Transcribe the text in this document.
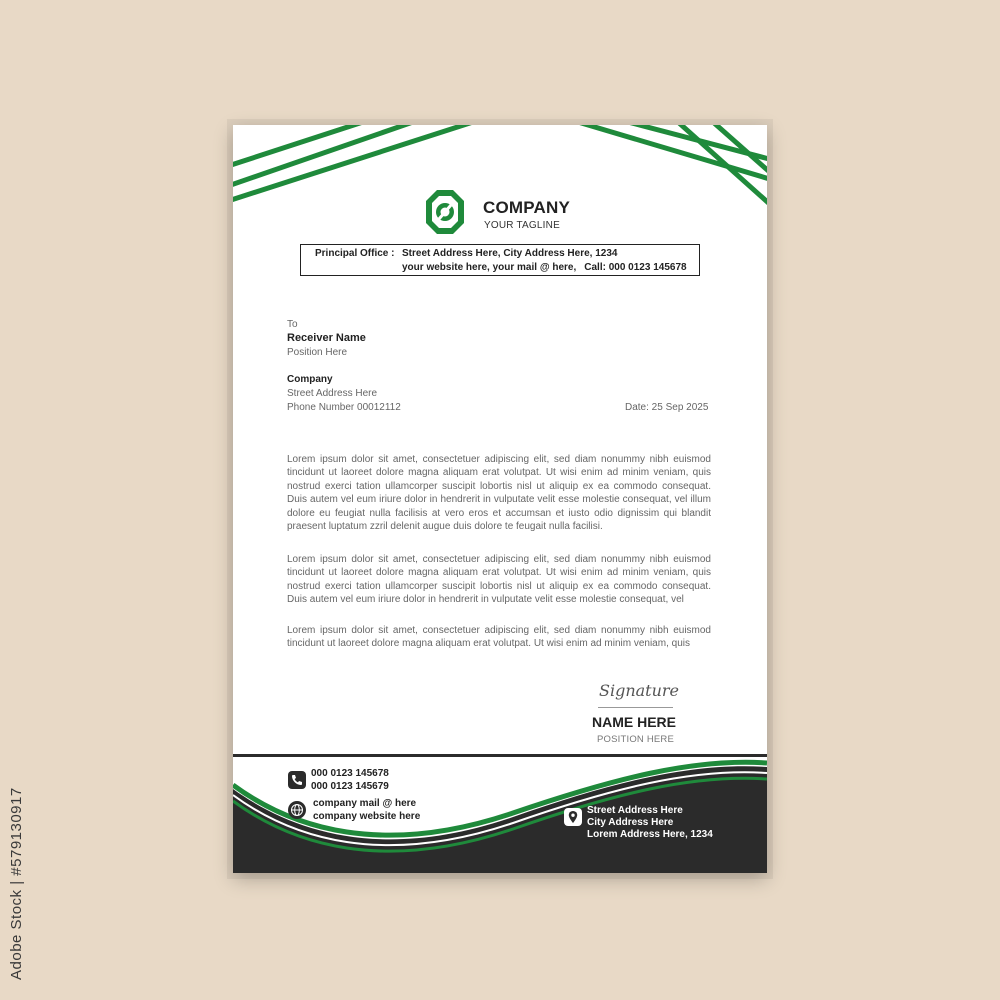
Adobe Stock | #579130917
COMPANY
YOUR TAGLINE
Principal Office : Street Address Here, City Address Here, 1234
your website here, your mail @ here, Call: 000 0123 145678
To
Receiver Name
Position Here
Company
Street Address Here
Phone Number 00012112	Date: 25 Sep 2025
Lorem ipsum dolor sit amet, consectetuer adipiscing elit, sed diam nonummy nibh euismod tincidunt ut laoreet dolore magna aliquam erat volutpat. Ut wisi enim ad minim veniam, quis nostrud exerci tation ullamcorper suscipit lobortis nisl ut aliquip ex ea commodo consequat. Duis autem vel eum iriure dolor in hendrerit in vulputate velit esse molestie consequat, vel illum dolore eu feugiat nulla facilisis at vero eros et accumsan et iusto odio dignissim qui blandit praesent luptatum zzril delenit augue duis dolore te feugait nulla facilisi.
Lorem ipsum dolor sit amet, consectetuer adipiscing elit, sed diam nonummy nibh euismod tincidunt ut laoreet dolore magna aliquam erat volutpat. Ut wisi enim ad minim veniam, quis nostrud exerci tation ullamcorper suscipit lobortis nisl ut aliquip ex ea commodo consequat. Duis autem vel eum iriure dolor in hendrerit in vulputate velit esse molestie consequat, vel
Lorem ipsum dolor sit amet, consectetuer adipiscing elit, sed diam nonummy nibh euismod tincidunt ut laoreet dolore magna aliquam erat volutpat. Ut wisi enim ad minim veniam, quis
Signature
NAME HERE
POSITION HERE
000 0123 145678
000 0123 145679
company mail @ here
company website here
Street Address Here
City Address Here
Lorem Address Here, 1234
